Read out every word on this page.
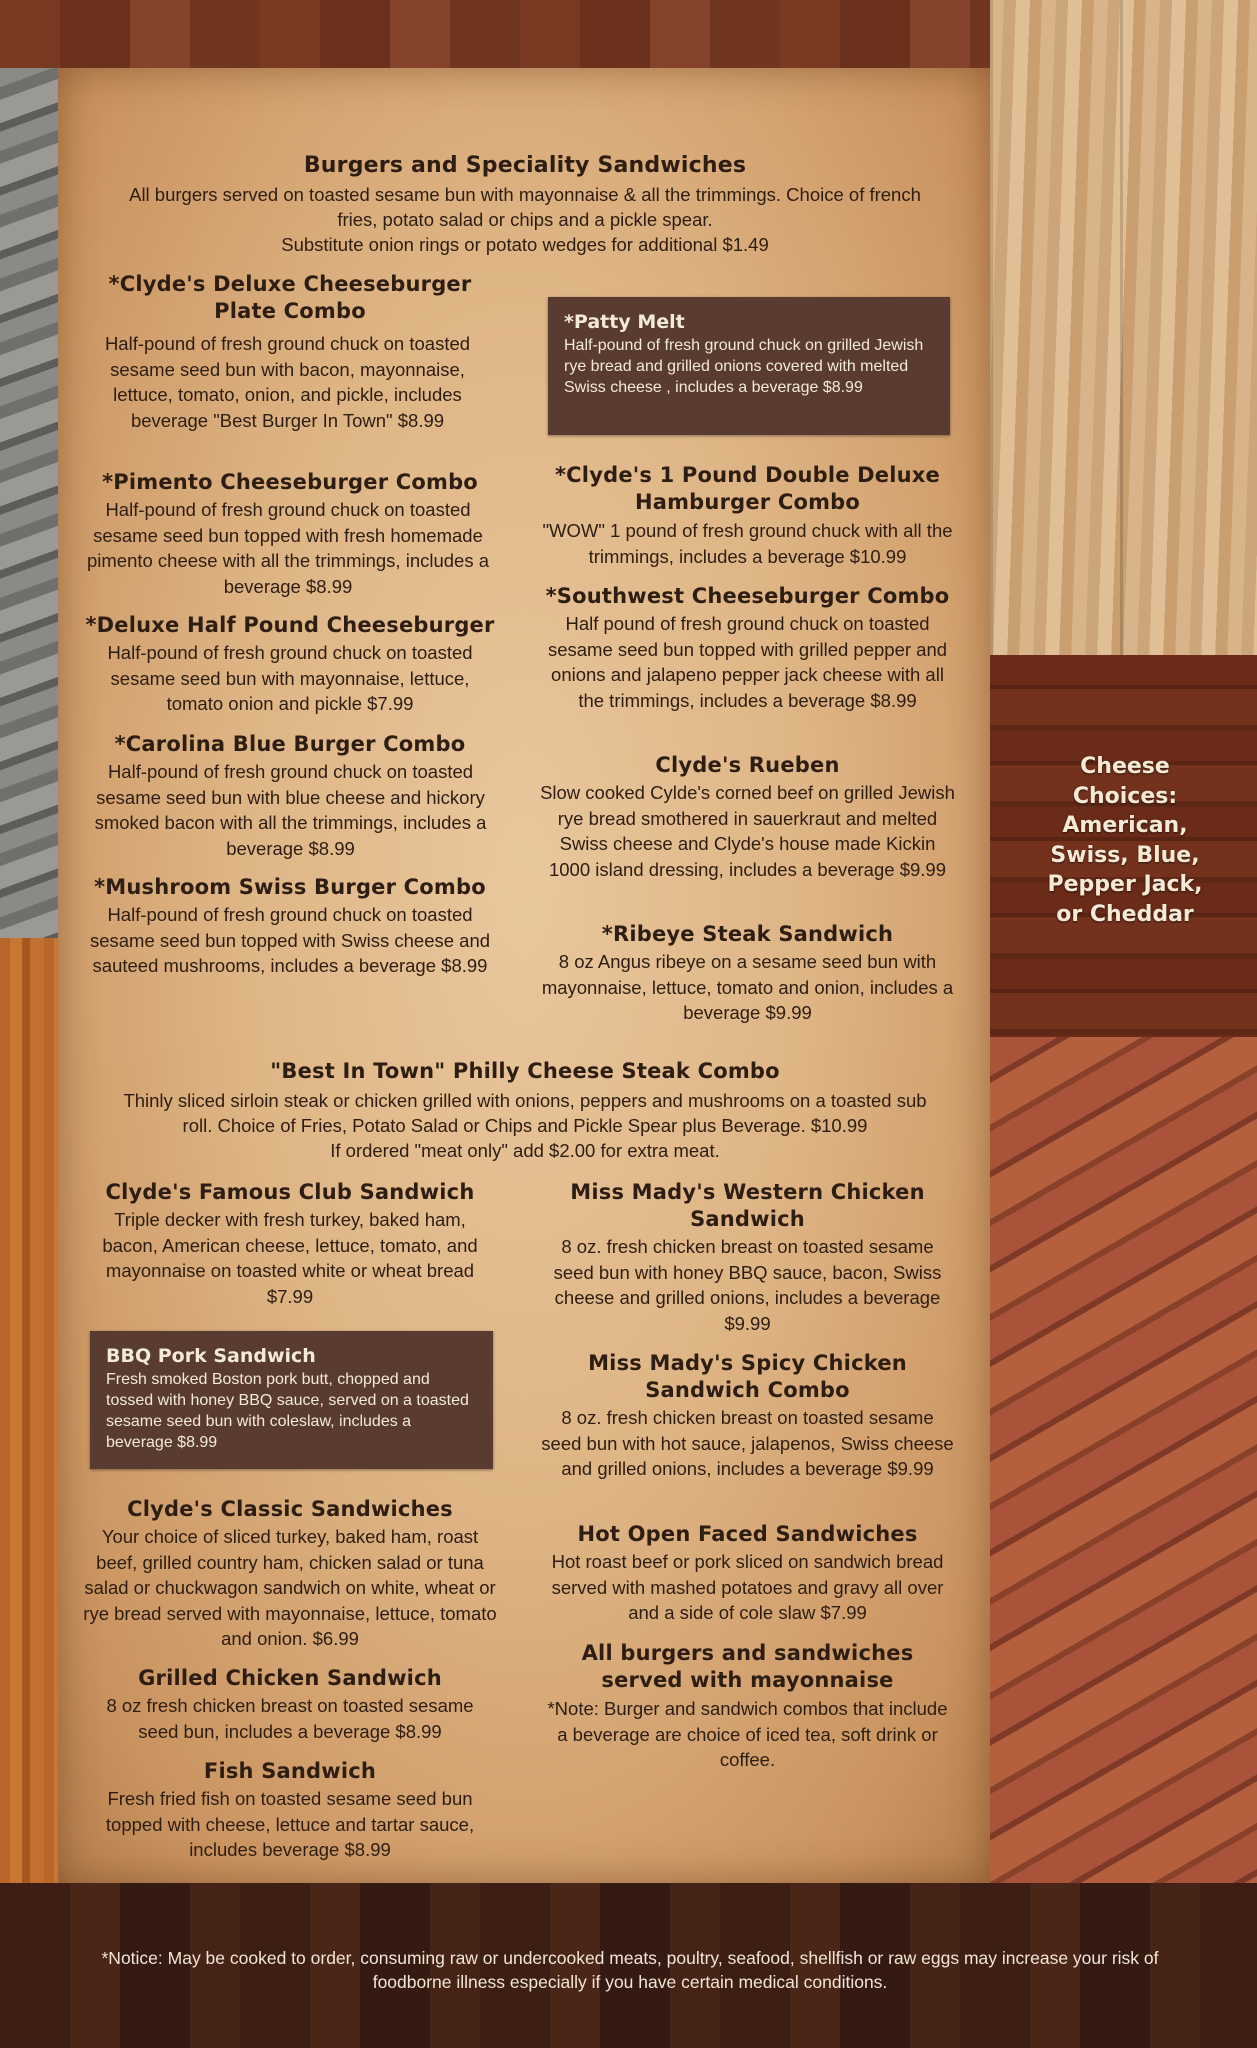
Burgers and Speciality Sandwiches
All burgers served on toasted sesame bun with mayonnaise & all the trimmings. Choice of french
fries, potato salad or chips and a pickle spear.
Substitute onion rings or potato wedges for additional $1.49
*Clyde's Deluxe Cheeseburger Plate Combo
Half-pound of fresh ground chuck on toasted sesame seed bun with bacon, mayonnaise, lettuce, tomato, onion, and pickle, includes beverage "Best Burger In Town" $8.99
*Pimento Cheeseburger Combo
Half-pound of fresh ground chuck on toasted sesame seed bun topped with fresh homemade pimento cheese with all the trimmings, includes a beverage $8.99
*Deluxe Half Pound Cheeseburger
Half-pound of fresh ground chuck on toasted sesame seed bun with mayonnaise, lettuce, tomato onion and pickle $7.99
*Carolina Blue Burger Combo
Half-pound of fresh ground chuck on toasted sesame seed bun with blue cheese and hickory smoked bacon with all the trimmings, includes a beverage $8.99
*Mushroom Swiss Burger Combo
Half-pound of fresh ground chuck on toasted sesame seed bun topped with Swiss cheese and sauteed mushrooms, includes a beverage $8.99
*Patty Melt
Half-pound of fresh ground chuck on grilled Jewish rye bread and grilled onions covered with melted Swiss cheese , includes a beverage $8.99
*Clyde's 1 Pound Double Deluxe Hamburger Combo
"WOW" 1 pound of fresh ground chuck with all the trimmings, includes a beverage $10.99
*Southwest Cheeseburger Combo
Half pound of fresh ground chuck on toasted sesame seed bun topped with grilled pepper and onions and jalapeno pepper jack cheese with all the trimmings, includes a beverage $8.99
Clyde's Rueben
Slow cooked Cylde's corned beef on grilled Jewish rye bread smothered in sauerkraut and melted Swiss cheese and Clyde's house made Kickin 1000 island dressing, includes a beverage $9.99
*Ribeye Steak Sandwich
8 oz Angus ribeye on a sesame seed bun with mayonnaise, lettuce, tomato and onion, includes a beverage $9.99
"Best In Town" Philly Cheese Steak Combo
Thinly sliced sirloin steak or chicken grilled with onions, peppers and mushrooms on a toasted sub
roll. Choice of Fries, Potato Salad or Chips and Pickle Spear plus Beverage. $10.99
If ordered "meat only" add $2.00 for extra meat.
Clyde's Famous Club Sandwich
Triple decker with fresh turkey, baked ham, bacon, American cheese, lettuce, tomato, and mayonnaise on toasted white or wheat bread $7.99
BBQ Pork Sandwich
Fresh smoked Boston pork butt, chopped and tossed with honey BBQ sauce, served on a toasted sesame seed bun with coleslaw, includes a beverage $8.99
Clyde's Classic Sandwiches
Your choice of sliced turkey, baked ham, roast beef, grilled country ham, chicken salad or tuna salad or chuckwagon sandwich on white, wheat or rye bread served with mayonnaise, lettuce, tomato and onion. $6.99
Grilled Chicken Sandwich
8 oz fresh chicken breast on toasted sesame seed bun, includes a beverage $8.99
Fish Sandwich
Fresh fried fish on toasted sesame seed bun topped with cheese, lettuce and tartar sauce, includes beverage $8.99
Miss Mady's Western Chicken Sandwich
8 oz. fresh chicken breast on toasted sesame seed bun with honey BBQ sauce, bacon, Swiss cheese and grilled onions, includes a beverage $9.99
Miss Mady's Spicy Chicken Sandwich Combo
8 oz. fresh chicken breast on toasted sesame seed bun with hot sauce, jalapenos, Swiss cheese and grilled onions, includes a beverage $9.99
Hot Open Faced Sandwiches
Hot roast beef or pork sliced on sandwich bread served with mashed potatoes and gravy all over and a side of cole slaw $7.99
All burgers and sandwiches served with mayonnaise
*Note: Burger and sandwich combos that include a beverage are choice of iced tea, soft drink or coffee.
Cheese
Choices:
American,
Swiss, Blue,
Pepper Jack,
or Cheddar
*Notice: May be cooked to order, consuming raw or undercooked meats, poultry, seafood, shellfish or raw eggs may increase your risk of
foodborne illness especially if you have certain medical conditions.
